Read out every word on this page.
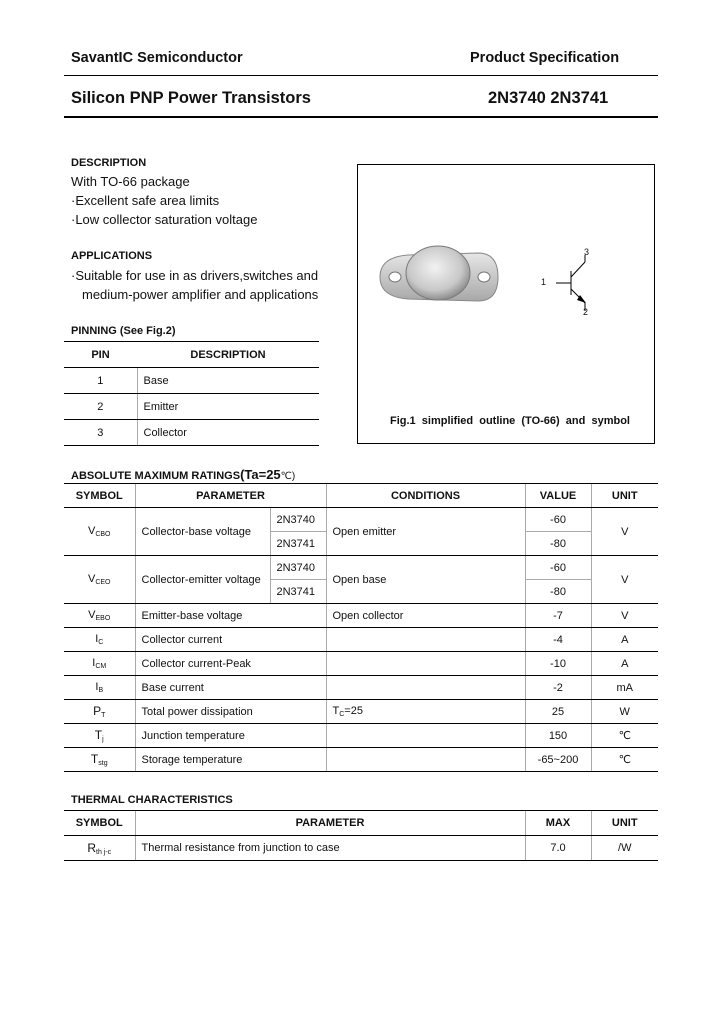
SavantIC Semiconductor	Product Specification
Silicon PNP Power Transistors	2N3740 2N3741
DESCRIPTION
With TO-66 package
·Excellent safe area limits
·Low collector saturation voltage
APPLICATIONS
·Suitable for use in as drivers,switches and
medium-power amplifier and applications
PINNING (See Fig.2)
PIN	DESCRIPTION
1	Base
2	Emitter
3	Collector
1
2
3
Fig.1  simplified  outline  (TO-66)  and  symbol
ABSOLUTE MAXIMUM RATINGS(Ta=25℃)
SYMBOL	PARAMETER		CONDITIONS	VALUE	UNIT
$V_{CBO}$	Collector-base voltage	2N3740	Open emitter	-60	V
		2N3741		-80	
$V_{CEO}$	Collector-emitter voltage	2N3740	Open base	-60	V
		2N3741		-80	
$V_{EBO}$	Emitter-base voltage		Open collector	-7	V
$I_C$	Collector current			-4	A
$I_{CM}$	Collector current-Peak			-10	A
$I_B$	Base current			-2	mA
$P_T$	Total power dissipation		$T_C=25$	25	W
$T_j$	Junction temperature			150	℃
$T_{stg}$	Storage temperature			-65~200	℃
THERMAL CHARACTERISTICS
SYMBOL	PARAMETER	MAX	UNIT
$R_{th j-c}$	Thermal resistance from junction to case	7.0	/W
